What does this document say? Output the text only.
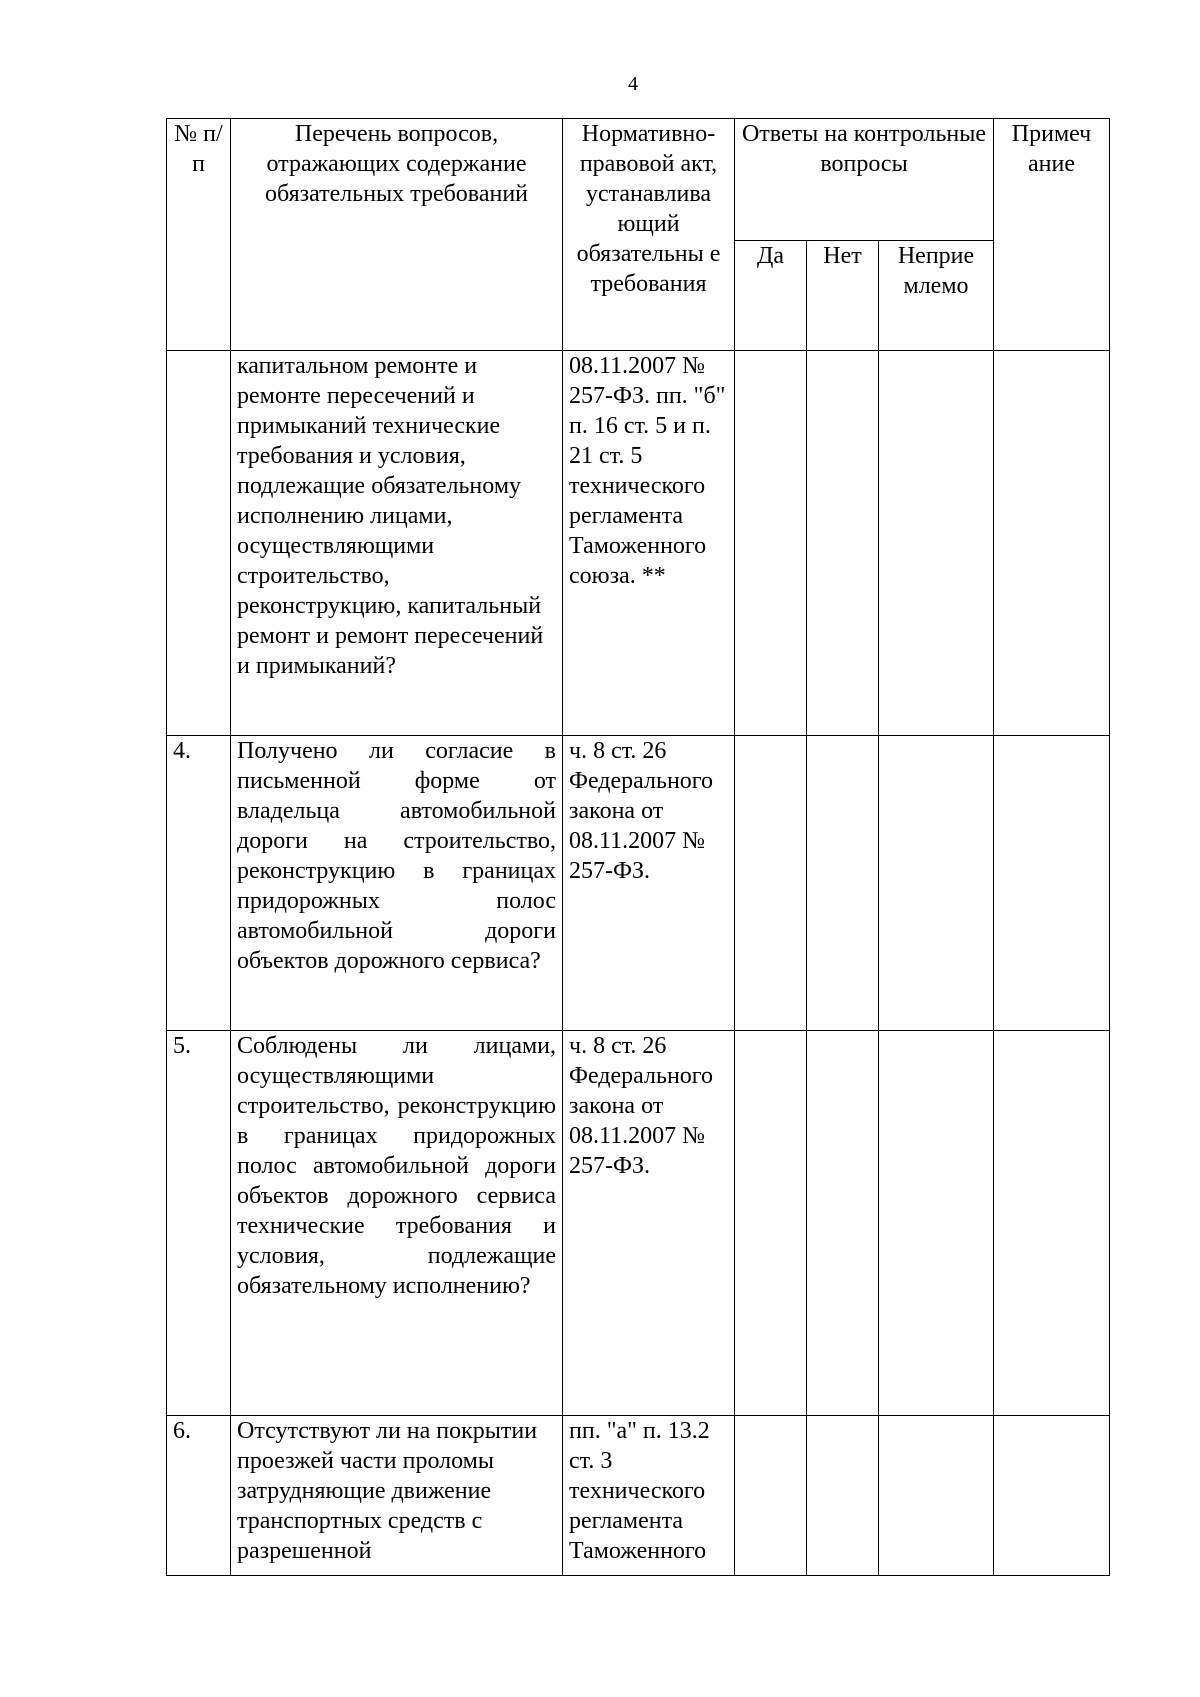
4
№ п/п	Перечень вопросов, отражающих содержание обязательных требований	Нормативно-правовой акт, устанавлива ющий обязательны е требования	Ответы на контрольные вопросы			Примеч ание
			Да	Нет	Неприе млемо	
	капитальном ремонте и ремонте пересечений и примыканий технические требования и условия, подлежащие обязательному исполнению лицами, осуществляющими строительство, реконструкцию, капитальный ремонт и ремонт пересечений и примыканий?	08.11.2007 № 257-ФЗ. пп. "б" п. 16 ст. 5 и п. 21 ст. 5 технического регламента Таможенного союза. **				
4.	Получено ли согласие в письменной форме от владельца автомобильной дороги на строительство, реконструкцию в границах придорожных полос автомобильной дороги объектов дорожного сервиса?	ч. 8 ст. 26 Федерального закона от 08.11.2007 № 257-ФЗ.				
5.	Соблюдены ли лицами, осуществляющими строительство, реконструкцию в границах придорожных полос автомобильной дороги объектов дорожного сервиса технические требования и условия, подлежащие обязательному исполнению?	ч. 8 ст. 26 Федерального закона от 08.11.2007 № 257-ФЗ.				
6.	Отсутствуют ли на покрытии проезжей части проломы затрудняющие движение транспортных средств с разрешенной	пп. "а" п. 13.2 ст. 3 технического регламента Таможенного				
